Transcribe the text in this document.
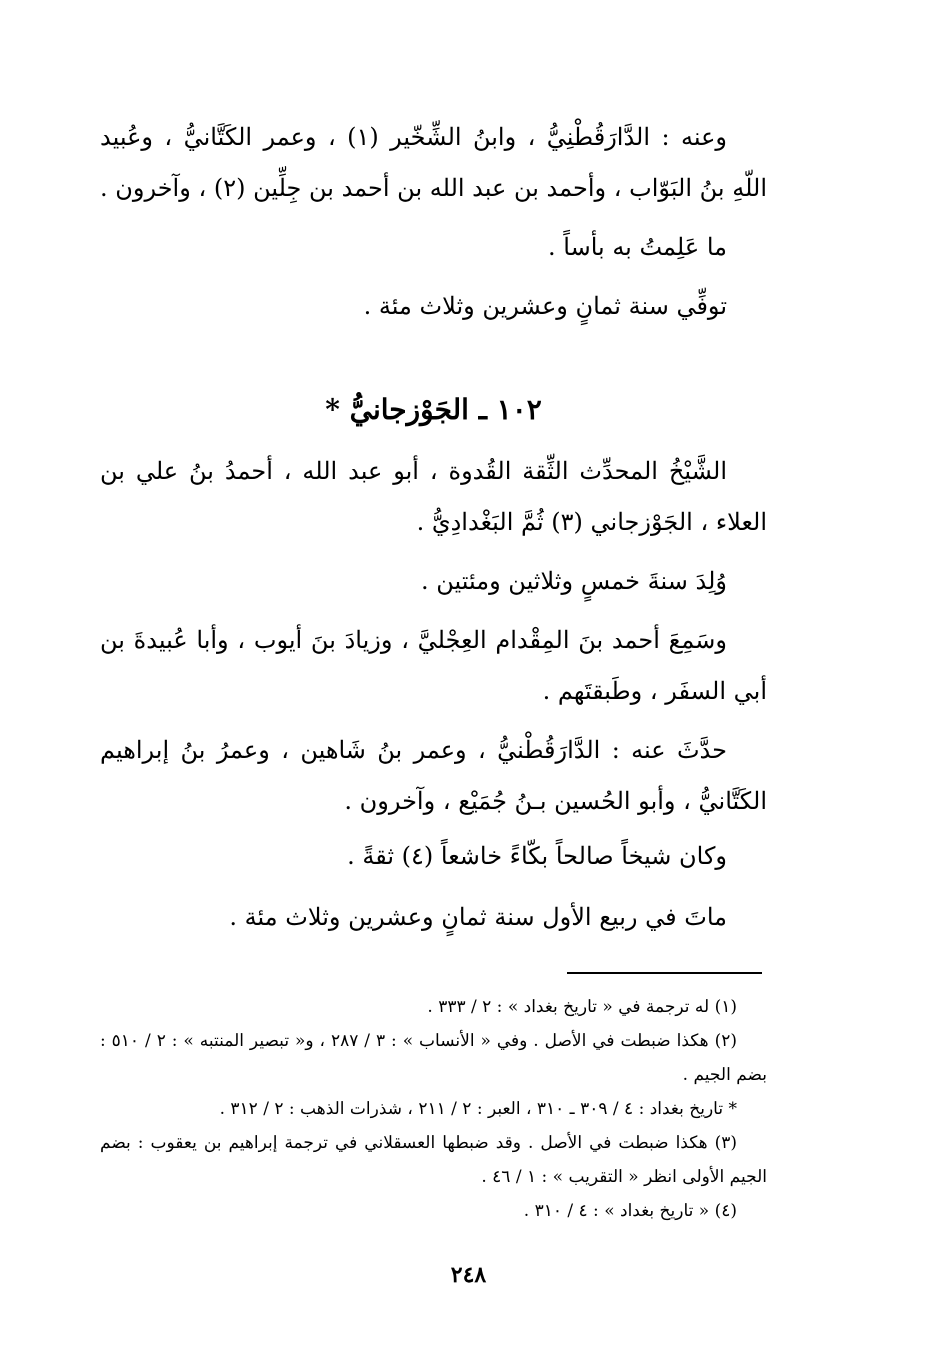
وعنه : الدَّارَقُطْنِيُّ ، وابنُ الشِّخّير (١) ، وعمر الكَتَّانيُّ ، وعُبيد اللّهِ بنُ البَوّاب ، وأحمد بن عبد الله بن أحمد بن جِلِّين (٢) ، وآخرون .

ما عَلِمتُ به بأساً .

توفِّي سنة ثمانٍ وعشرين وثلاث مئة .

١٠٢ ـ الجَوْزجانيُّ *

الشَّيْخُ المحدِّث الثِّقة القُدوة ، أبو عبد الله ، أحمدُ بنُ علي بن العلاء ، الجَوْزجاني (٣) ثُمَّ البَغْدادِيُّ .

وُلِدَ سنةَ خمسٍ وثلاثين ومئتين .

وسَمِعَ أحمد بنَ المِقْدام العِجْليَّ ، وزيادَ بنَ أيوب ، وأبا عُبيدةَ بن أبي السفَر ، وطَبقتَهم .

حدَّثَ عنه : الدَّارَقُطْنيُّ ، وعمر بنُ شَاهين ، وعمرُ بنُ إبراهيم الكَتَّانيُّ ، وأبو الحُسين بـنُ جُمَيْع ، وآخرون .

وكان شيخاً صالحاً بكّاءً خاشعاً (٤) ثقةً .

ماتَ في ربيع الأول سنة ثمانٍ وعشرين وثلاث مئة .

(١) له ترجمة في « تاريخ بغداد » : ٢ / ٣٣٣ .

(٢) هكذا ضبطت في الأصل . وفي « الأنساب » : ٣ / ٢٨٧ ، و« تبصير المنتبه » : ٢ / ٥١٠ : بضم الجيم .

* تاريخ بغداد : ٤ / ٣٠٩ ـ ٣١٠ ، العبر : ٢ / ٢١١ ، شذرات الذهب : ٢ / ٣١٢ .

(٣) هكذا ضبطت في الأصل . وقد ضبطها العسقلاني في ترجمة إبراهيم بن يعقوب : بضم الجيم الأولى انظر « التقريب » : ١ / ٤٦ .

(٤) « تاريخ بغداد » : ٤ / ٣١٠ .

٢٤٨
